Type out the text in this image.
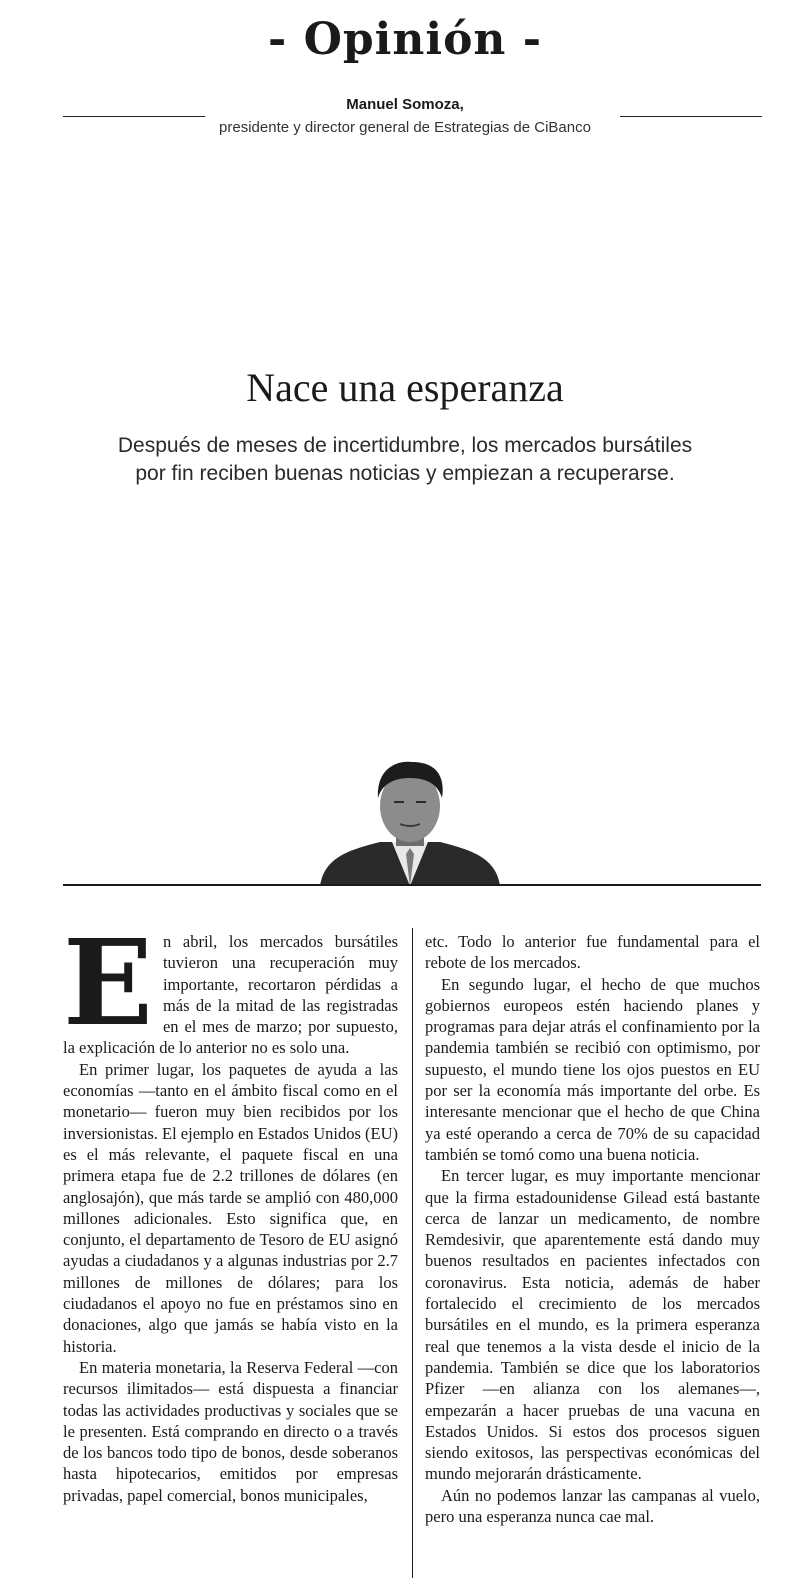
- Opinión -
Manuel Somoza,
presidente y director general de Estrategias de CiBanco
Nace una esperanza
Después de meses de incertidumbre, los mercados bursátiles por fin reciben buenas noticias y empiezan a recuperarse.

En abril, los mercados bursátiles tuvieron una recuperación muy importante, recortaron pérdidas a más de la mitad de las registradas en el mes de marzo; por supuesto, la explicación de lo anterior no es solo una.

En primer lugar, los paquetes de ayuda a las economías —tanto en el ámbito fiscal como en el monetario— fueron muy bien recibidos por los inversionistas. El ejemplo en Estados Unidos (EU) es el más relevante, el paquete fiscal en una primera etapa fue de 2.2 trillones de dólares (en anglosajón), que más tarde se amplió con 480,000 millones adicionales. Esto significa que, en conjunto, el departamento de Tesoro de EU asignó ayudas a ciudadanos y a algunas industrias por 2.7 millones de millones de dólares; para los ciudadanos el apoyo no fue en préstamos sino en donaciones, algo que jamás se había visto en la historia.

En materia monetaria, la Reserva Federal —con recursos ilimitados— está dispuesta a financiar todas las actividades productivas y sociales que se le presenten. Está comprando en directo o a través de los bancos todo tipo de bonos, desde soberanos hasta hipotecarios, emitidos por empresas privadas, papel comercial, bonos municipales,

etc. Todo lo anterior fue fundamental para el rebote de los mercados.

En segundo lugar, el hecho de que muchos gobiernos europeos estén haciendo planes y programas para dejar atrás el confinamiento por la pandemia también se recibió con optimismo, por supuesto, el mundo tiene los ojos puestos en EU por ser la economía más importante del orbe. Es interesante mencionar que el hecho de que China ya esté operando a cerca de 70% de su capacidad también se tomó como una buena noticia.

En tercer lugar, es muy importante mencionar que la firma estadounidense Gilead está bastante cerca de lanzar un medicamento, de nombre Remdesivir, que aparentemente está dando muy buenos resultados en pacientes infectados con coronavirus. Esta noticia, además de haber fortalecido el crecimiento de los mercados bursátiles en el mundo, es la primera esperanza real que tenemos a la vista desde el inicio de la pandemia. También se dice que los laboratorios Pfizer —en alianza con los alemanes—, empezarán a hacer pruebas de una vacuna en Estados Unidos. Si estos dos procesos siguen siendo exitosos, las perspectivas económicas del mundo mejorarán drásticamente.

Aún no podemos lanzar las campanas al vuelo, pero una esperanza nunca cae mal.
